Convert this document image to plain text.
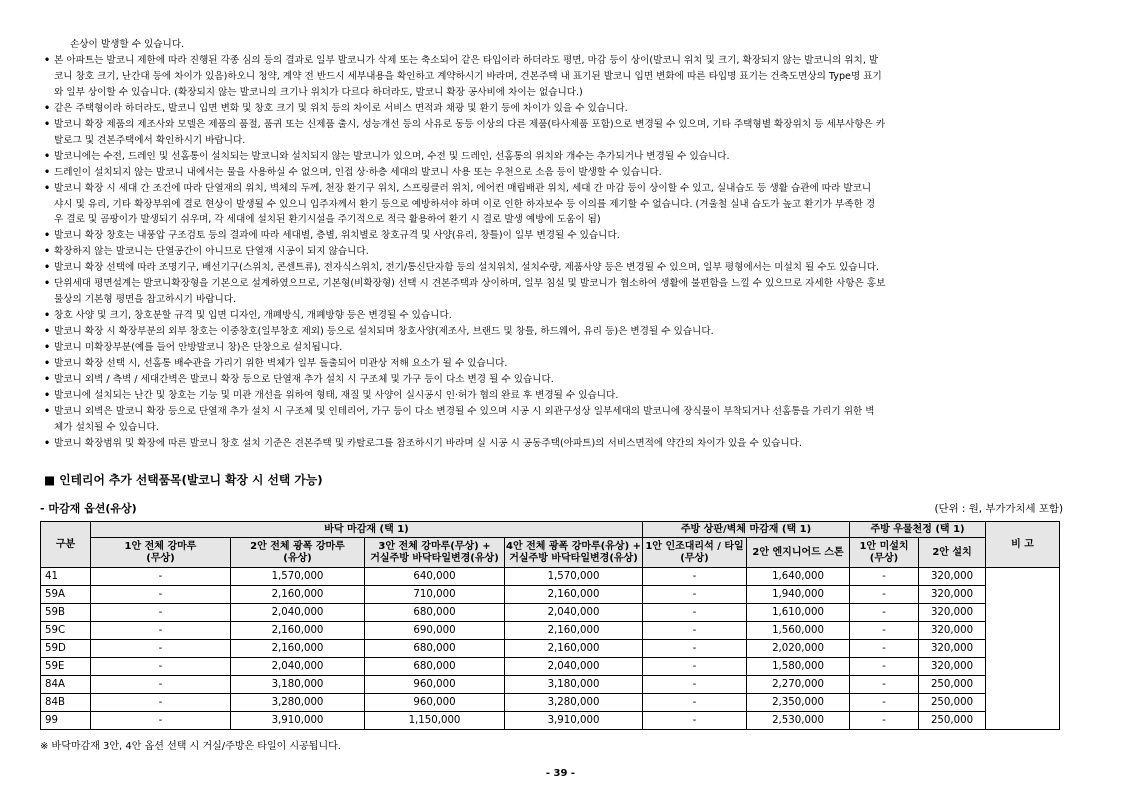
손상이 발생할 수 있습니다.
• 본 아파트는 발코니 제한에 따라 진행된 각종 심의 등의 결과로 일부 발코니가 삭제 또는 축소되어 같은 타입이라 하더라도 평면, 마감 등이 상이(발코니 위치 및 크기, 확장되지 않는 발코니의 위치, 발
코니 창호 크기, 난간대 등에 차이가 있음)하오니 청약, 계약 전 반드시 세부내용을 확인하고 계약하시기 바라며, 견본주택 내 표기된 발코니 입면 변화에 따른 타입명 표기는 건축도면상의 Type명 표기
와 일부 상이할 수 있습니다. (확장되지 않는 발코니의 크기나 위치가 다르다 하더라도, 발코니 확장 공사비에 차이는 없습니다.)
• 같은 주택형이라 하더라도, 발코니 입면 변화 및 창호 크기 및 위치 등의 차이로 서비스 면적과 채광 및 환기 등에 차이가 있을 수 있습니다.
• 발코니 확장 제품의 제조사와 모델은 제품의 품절, 품귀 또는 신제품 출시, 성능개선 등의 사유로 동등 이상의 다른 제품(타사제품 포함)으로 변경될 수 있으며, 기타 주택형별 확장위치 등 세부사항은 카
탈로그 및 견본주택에서 확인하시기 바랍니다.
• 발코니에는 수전, 드레인 및 선홈통이 설치되는 발코니와 설치되지 않는 발코니가 있으며, 수전 및 드레인, 선홈통의 위치와 개수는 추가되거나 변경될 수 있습니다.
• 드레인이 설치되지 않는 발코니 내에서는 물을 사용하실 수 없으며, 인접 상·하층 세대의 발코니 사용 또는 우천으로 소음 등이 발생할 수 있습니다.
• 발코니 확장 시 세대 간 조건에 따라 단열재의 위치, 벽체의 두께, 천장 환기구 위치, 스프링클러 위치, 에어컨 매립배관 위치, 세대 간 마감 등이 상이할 수 있고, 실내습도 등 생활 습관에 따라 발코니
샤시 및 유리, 기타 확장부위에 결로 현상이 발생될 수 있으니 입주자께서 환기 등으로 예방하셔야 하며 이로 인한 하자보수 등 이의를 제기할 수 없습니다. (겨울철 실내 습도가 높고 환기가 부족한 경
우 결로 및 곰팡이가 발생되기 쉬우며, 각 세대에 설치된 환기시설을 주기적으로 적극 활용하여 환기 시 결로 발생 예방에 도움이 됨)
• 발코니 확장 창호는 내풍압 구조검토 등의 결과에 따라 세대별, 층별, 위치별로 창호규격 및 사양(유리, 창틀)이 일부 변경될 수 있습니다.
• 확장하지 않는 발코니는 단열공간이 아니므로 단열재 시공이 되지 않습니다.
• 발코니 확장 선택에 따라 조명기구, 배선기구(스위치, 콘센트류), 전자식스위치, 전기/통신단자함 등의 설치위치, 설치수량, 제품사양 등은 변경될 수 있으며, 일부 평형에서는 미설치 될 수도 있습니다.
• 단위세대 평면설계는 발코니확장형을 기본으로 설계하였으므로, 기본형(비확장형) 선택 시 견본주택과 상이하며, 일부 침실 및 발코니가 협소하여 생활에 불편함을 느낄 수 있으므로 자세한 사항은 홍보
물상의 기본형 평면을 참고하시기 바랍니다.
• 창호 사양 및 크기, 창호분할 규격 및 입면 디자인, 개폐방식, 개폐방향 등은 변경될 수 있습니다.
• 발코니 확장 시 확장부분의 외부 창호는 이중창호(일부창호 제외) 등으로 설치되며 창호사양(제조사, 브랜드 및 창틀, 하드웨어, 유리 등)은 변경될 수 있습니다.
• 발코니 미확장부분(예를 들어 안방발코니 창)은 단창으로 설치됩니다.
• 발코니 확장 선택 시, 선홈통 배수관을 가리기 위한 벽체가 일부 돌출되어 미관상 저해 요소가 될 수 있습니다.
• 발코니 외벽 / 측벽 / 세대간벽은 발코니 확장 등으로 단열재 추가 설치 시 구조체 및 가구 등이 다소 변경 될 수 있습니다.
• 발코니에 설치되는 난간 및 창호는 기능 및 미관 개선을 위하여 형태, 재질 및 사양이 실시공시 인·허가 협의 완료 후 변경될 수 있습니다.
• 발코니 외벽은 발코니 확장 등으로 단열재 추가 설치 시 구조체 및 인테리어, 가구 등이 다소 변경될 수 있으며 시공 시 외관구성상 일부세대의 발코니에 장식물이 부착되거나 선홈통을 가리기 위한 벽
체가 설치될 수 있습니다.
• 발코니 확장범위 및 확장에 따른 발코니 창호 설치 기준은 견본주택 및 카탈로그를 참조하시기 바라며 실 시공 시 공동주택(아파트)의 서비스면적에 약간의 차이가 있을 수 있습니다.
■ 인테리어 추가 선택품목(발코니 확장 시 선택 가능)
- 마감재 옵션(유상)	(단위 : 원, 부가가치세 포함)
구분	바닥 마감재 (택 1)				주방 상판/벽체 마감재 (택 1)		주방 우물천정 (택 1)		비 고
	1안 전체 강마루
(무상)	2안 전체 광폭 강마루
(유상)	3안 전체 강마루(무상) +
거실주방 바닥타일변경(유상)	4안 전체 광폭 강마루(유상) +
거실주방 바닥타일변경(유상)	1안 인조대리석 / 타일
(무상)	2안 엔지니어드 스톤	1안 미설치
(무상)	2안 설치	
41	-	1,570,000	640,000	1,570,000	-	1,640,000	-	320,000	
59A	-	2,160,000	710,000	2,160,000	-	1,940,000	-	320,000	
59B	-	2,040,000	680,000	2,040,000	-	1,610,000	-	320,000	
59C	-	2,160,000	690,000	2,160,000	-	1,560,000	-	320,000	
59D	-	2,160,000	680,000	2,160,000	-	2,020,000	-	320,000	
59E	-	2,040,000	680,000	2,040,000	-	1,580,000	-	320,000	
84A	-	3,180,000	960,000	3,180,000	-	2,270,000	-	250,000	
84B	-	3,280,000	960,000	3,280,000	-	2,350,000	-	250,000	
99	-	3,910,000	1,150,000	3,910,000	-	2,530,000	-	250,000	
※ 바닥마감재 3안, 4안 옵션 선택 시 거실/주방은 타일이 시공됩니다.
- 39 -
